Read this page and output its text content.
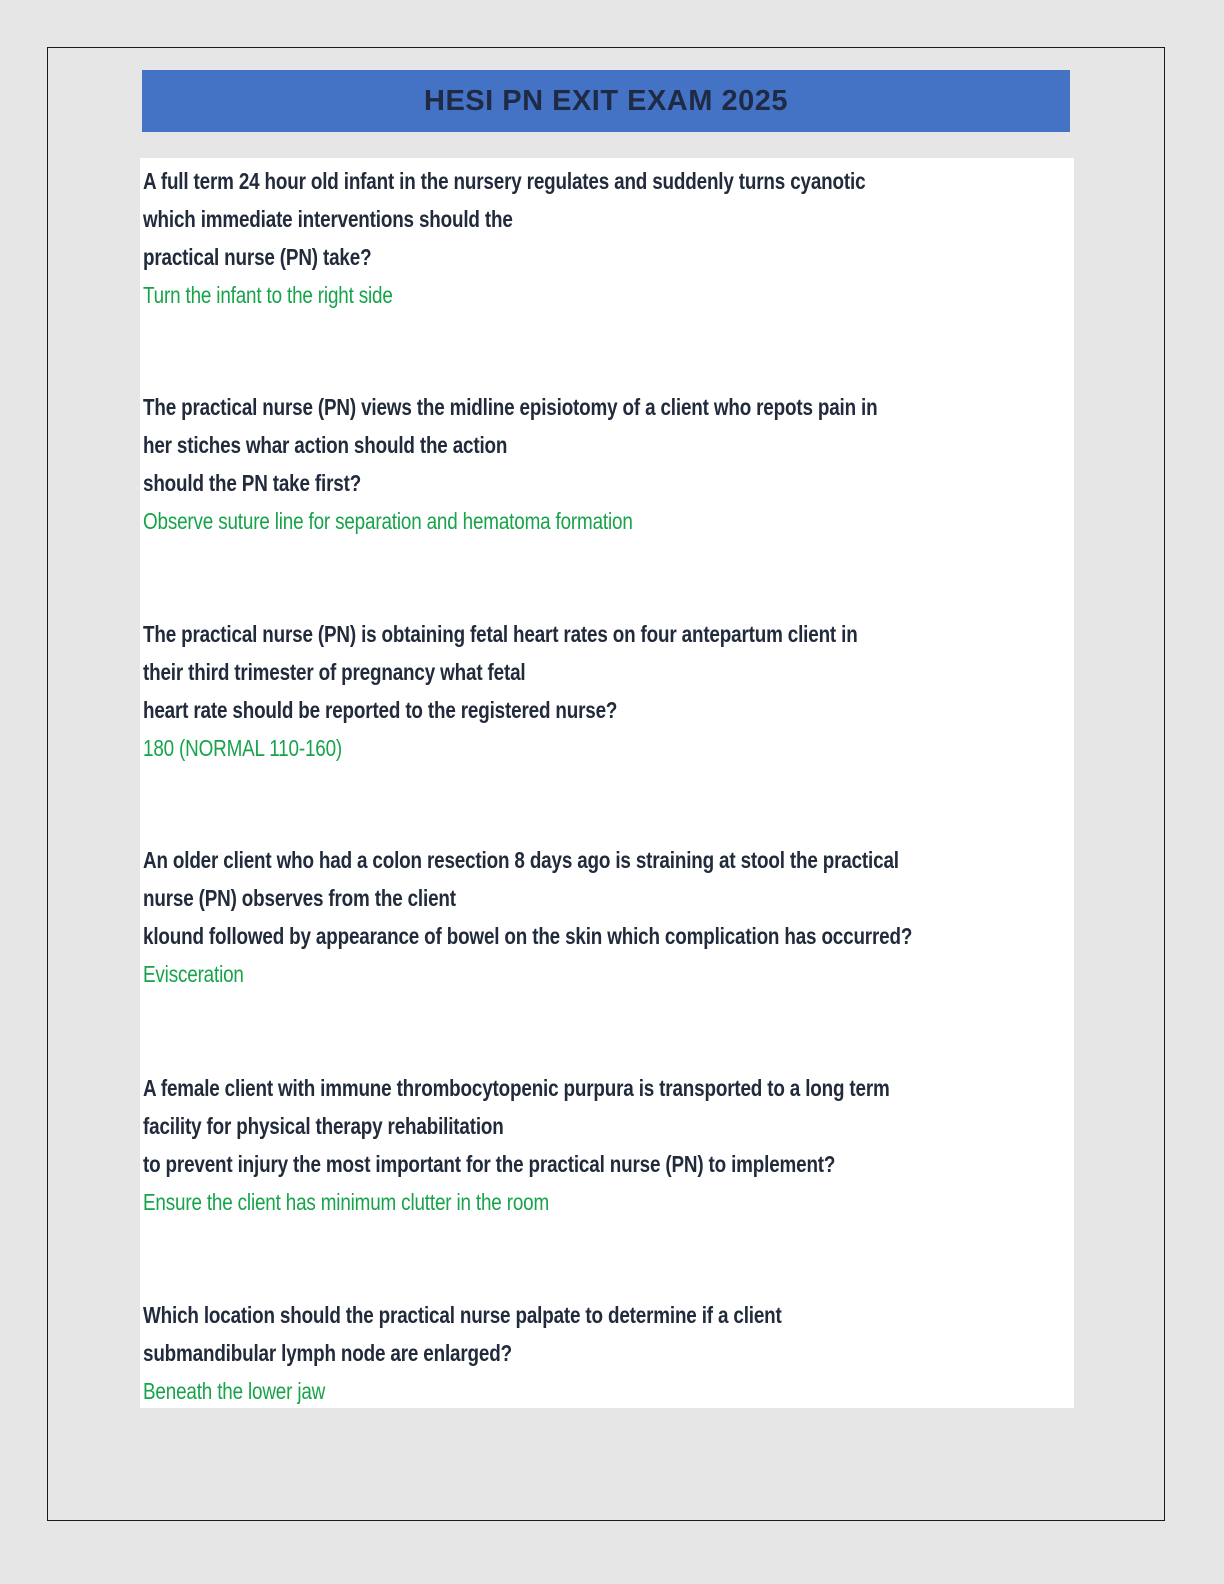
HESI PN EXIT EXAM 2025
A full term 24 hour old infant in the nursery regulates and suddenly turns cyanotic
which immediate interventions should the
practical nurse (PN) take?
Turn the infant to the right side
The practical nurse (PN) views the midline episiotomy of a client who repots pain in
her stiches whar action should the action
should the PN take first?
Observe suture line for separation and hematoma formation
The practical nurse (PN) is obtaining fetal heart rates on four antepartum client in
their third trimester of pregnancy what fetal
heart rate should be reported to the registered nurse?
180 (NORMAL 110-160)
An older client who had a colon resection 8 days ago is straining at stool the practical
nurse (PN) observes from the client
klound followed by appearance of bowel on the skin which complication has occurred?
Evisceration
A female client with immune thrombocytopenic purpura is transported to a long term
facility for physical therapy rehabilitation
to prevent injury the most important for the practical nurse (PN) to implement?
Ensure the client has minimum clutter in the room
Which location should the practical nurse palpate to determine if a client
submandibular lymph node are enlarged?
Beneath the lower jaw
